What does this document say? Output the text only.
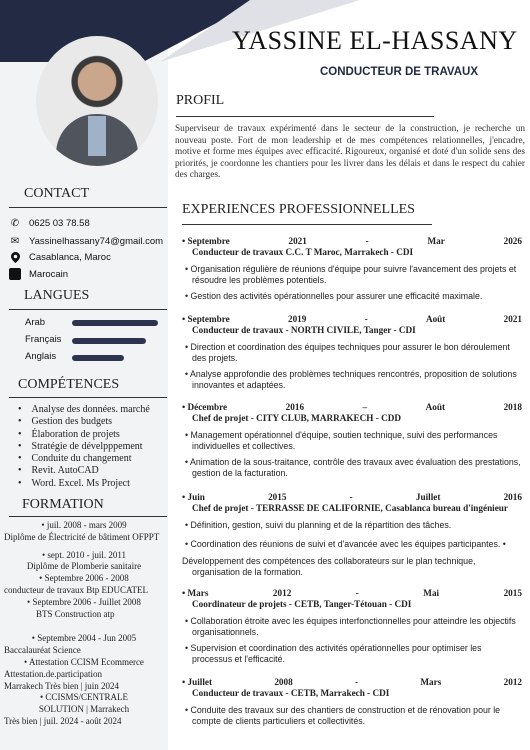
YASSINE EL-HASSANY
CONDUCTEUR DE TRAVAUX
PROFIL
Superviseur de travaux expérimenté dans le secteur de la construction, je recherche un nouveau poste. Fort de mon leadership et de mes compétences relationnelles, j'encadre, motive et forme mes équipes avec efficacité. Rigoureux, organisé et doté d'un solide sens des priorités, je coordonne les chantiers pour les livrer dans les délais et dans le respect du cahier des charges.
CONTACT
✆ 0625 03 78.58
✉ Yassinelhassany74@gmail.com
Casablanca, Maroc
in Marocain
LANGUES
Arab
Français
Anglais
COMPÉTENCES
• Analyse des données. marché
• Gestion des budgets
• Élaboration de projets
• Stratégie de dévelpppement
• Conduite du changement
• Revit. AutoCAD
• Word. Excel. Ms Project
FORMATION
• juil. 2008 - mars 2009
Diplôme de Électricité de bâtiment OFPPT
• sept. 2010 - juil. 2011
Diplôme de Plomberie sanitaire
• Septembre 2006 - 2008
conducteur de travaux Btp EDUCATEL
• Septembre 2006 - Juillet 2008
BTS Construction atp
• Septembre 2004 - Jun 2005
Baccalauréat Science
• Attestation CCISM Ecommerce
Attestation.de.participation
Marrakech Très bien | juin 2024
• CCISMS/CENTRALE
SOLUTION | Marrakech
Très bien | juil. 2024 - août 2024
EXPERIENCES PROFESSIONNELLES
• Septembre	2021	-	Mar	2026
Conducteur de travaux C.C. T Maroc, Marrakech - CDI
• Organisation régulière de réunions d'équipe pour suivre l'avancement des projets et résoudre les problèmes potentiels.
• Gestion des activités opérationnelles pour assurer une efficacité maximale.
• Septembre	2019	-	Août	2021
Conducteur de travaux - NORTH CIVILE, Tanger - CDI
• Direction et coordination des équipes techniques pour assurer le bon déroulement des projets.
• Analyse approfondie des problèmes techniques rencontrés, proposition de solutions innovantes et adaptées.
• Décembre	2016	–	Août	2018
Chef de projet - CITY CLUB, MARRAKECH - CDD
• Management opérationnel d'équipe, soutien technique, suivi des performances individuelles et collectives.
• Animation de la sous-traitance, contrôle des travaux avec évaluation des prestations, gestion de la facturation.
• Juin	2015	-	Juillet	2016
Chef de projet - TERRASSE DE CALIFORNIE, Casablanca bureau d'ingénieur
• Définition, gestion, suivi du planning et de la répartition des tâches.
• Coordination des réunions de suivi et d'avancée avec les équipes participantes. •
Développement des compétences des collaborateurs sur le plan technique,
organisation de la formation.
• Mars	2012	-	Mai	2015
Coordinateur de projets - CETB, Tanger-Tétouan - CDI
• Collaboration étroite avec les équipes interfonctionnelles pour atteindre les objectifs organisationnels.
• Supervision et coordination des activités opérationnelles pour optimiser les processus et l'efficacité.
• Juillet	2008	-	Mars	2012
Conducteur de travaux - CETB, Marrakech - CDI
• Conduite des travaux sur des chantiers de construction et de rénovation pour le compte de clients particuliers et collectivités.
